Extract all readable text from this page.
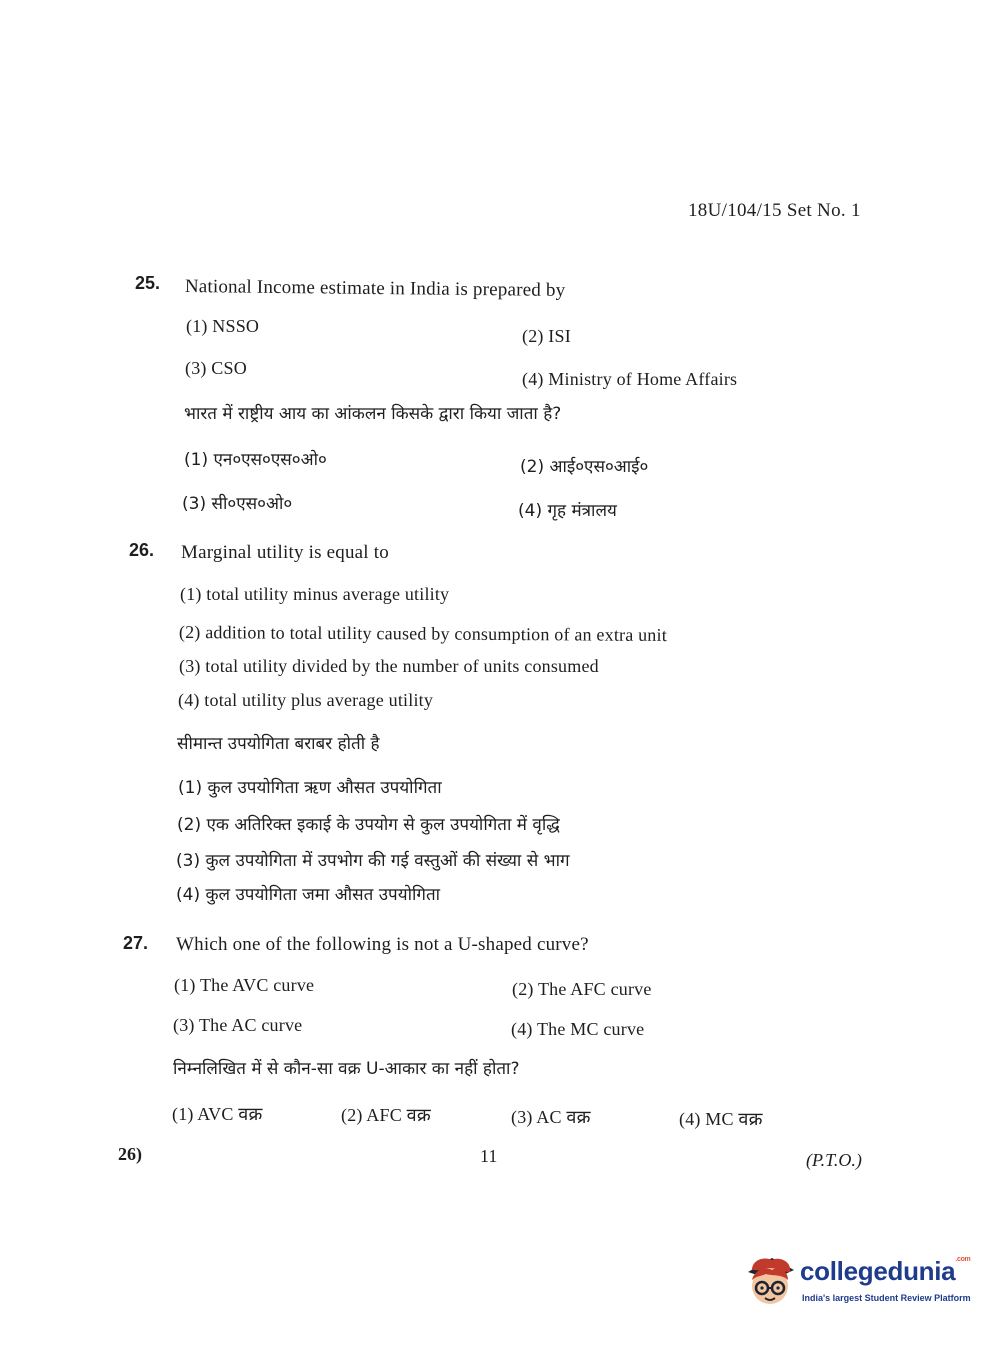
18U/104/15 Set No. 1
25. National Income estimate in India is prepared by
(1) NSSO	(2) ISI
(3) CSO
(4) Ministry of Home Affairs
भारत में राष्ट्रीय आय का आंकलन किसके द्वारा किया जाता है?
(1) एन०एस०एस०ओ०	(2) आई०एस०आई०
(3) सी०एस०ओ०	(4) गृह मंत्रालय
26. Marginal utility is equal to
(1) total utility minus average utility
(2) addition to total utility caused by consumption of an extra unit
(3) total utility divided by the number of units consumed
(4) total utility plus average utility
सीमान्त उपयोगिता बराबर होती है
(1) कुल उपयोगिता ऋण औसत उपयोगिता
(2) एक अतिरिक्त इकाई के उपयोग से कुल उपयोगिता में वृद्धि
(3) कुल उपयोगिता में उपभोग की गई वस्तुओं की संख्या से भाग
(4) कुल उपयोगिता जमा औसत उपयोगिता
27. Which one of the following is not a U-shaped curve?
(1) The AVC curve	(2) The AFC curve
(3) The AC curve	(4) The MC curve
निम्नलिखित में से कौन-सा वक्र U-आकार का नहीं होता?
(1) AVC वक्र	(2) AFC वक्र	(3) AC वक्र	(4) MC वक्र
26)	11	(P.T.O.)
collegedunia$^{.com}$
India's largest Student Review Platform
